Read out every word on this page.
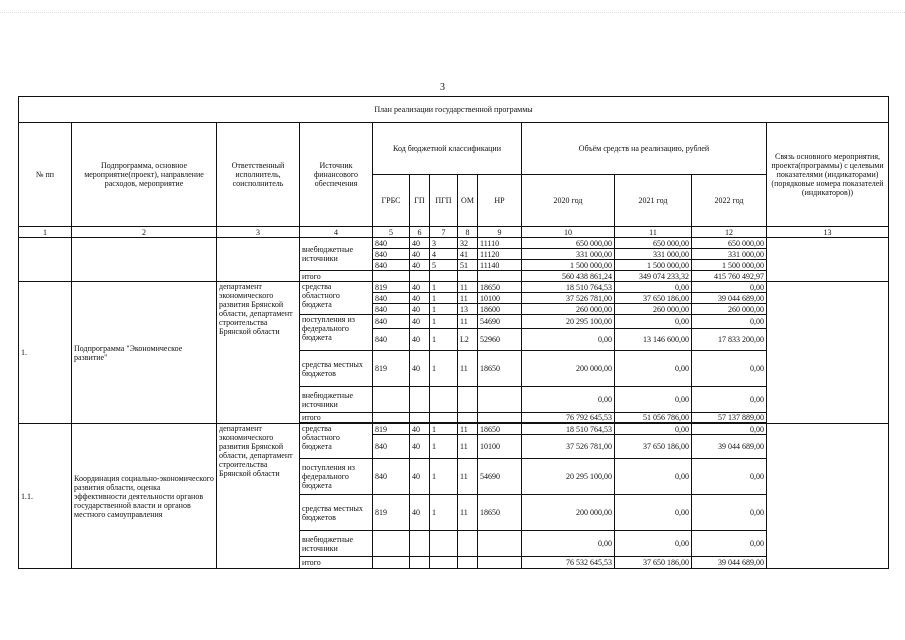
3
План реализации государственной программы													
№ пп	Подпрограмма, основное мероприятие(проект), направление расходов, мероприятие	Ответственный исполнитель, соисполнитель	Источник финансового обеспечения	Код бюджетной классификации					Объём средств на реализацию, рублей			Связь основного мероприятия, проекта(программы) с целевыми показателями (индикаторами) (порядковые номера показателей (индикаторов))	
				ГРБС	ГП	ПГП	ОМ	НР	2020 год	2021 год	2022 год		
1	2	3	4	5	6	7	8	9	10	11	12	13	
			внебюджетные источники	840	40	3	32	11110	650 000,00	650 000,00	650 000,00		
				840	40	4	41	11120	331 000,00	331 000,00	331 000,00		
				840	40	5	51	11140	1 500 000,00	1 500 000,00	1 500 000,00		
			итого						560 438 861,24	349 074 233,32	415 760 492,97		
1.	Подпрограмма "Экономическое развитие"	департамент экономического развития Брянской области, департамент строительства Брянской области	средства областного бюджета	819	40	1	11	18650	18 510 764,53	0,00	0,00		
				840	40	1	11	10100	37 526 781,00	37 650 186,00	39 044 689,00		
				840	40	1	13	18600	260 000,00	260 000,00	260 000,00		
			поступления из федерального бюджета	840	40	1	11	54690	20 295 100,00	0,00	0,00		
				840	40	1	L2	52960	0,00	13 146 600,00	17 833 200,00		
			средства местных бюджетов	819	40	1	11	18650	200 000,00	0,00	0,00		
			внебюджетные источники						0,00	0,00	0,00		
			итого						76 792 645,53	51 056 786,00	57 137 889,00		

1.1.	Координация социально-экономического развития области, оценка эффективности деятельности органов государственной власти и органов местного самоуправления	департамент экономического развития Брянской области, департамент строительства Брянской области	средства областного бюджета	819	40	1	11	18650	18 510 764,53	0,00	0,00		
				840	40	1	11	10100	37 526 781,00	37 650 186,00	39 044 689,00		
			поступления из федерального бюджета	840	40	1	11	54690	20 295 100,00	0,00	0,00		
			средства местных бюджетов	819	40	1	11	18650	200 000,00	0,00	0,00		
			внебюджетные источники						0,00	0,00	0,00		
			итого						76 532 645,53	37 650 186,00	39 044 689,00	
